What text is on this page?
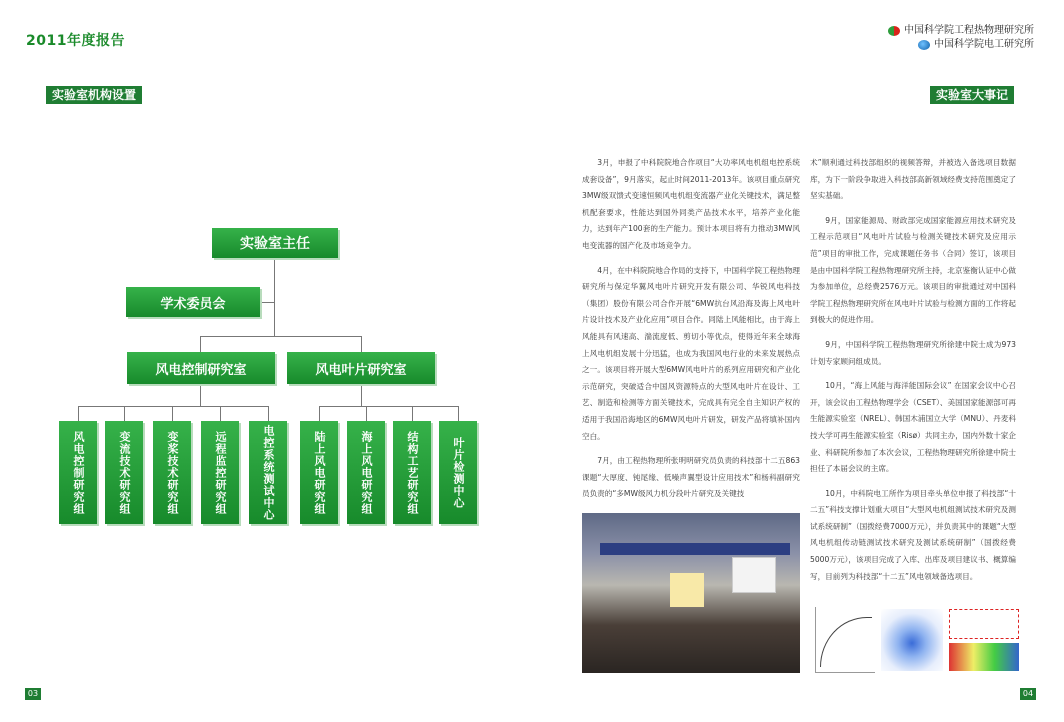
2011年度报告
中国科学院工程热物理研究所
中国科学院电工研究所
实验室机构设置	实验室大事记
实验室主任
学术委员会
风电控制研究室	风电叶片研究室
风电控制研究组	变流技术研究组	变桨技术研究组	远程监控研究组	电控系统测试中心	陆上风电研究组	海上风电研究组	结构工艺研究组	叶片检测中心

3月，申报了中科院院地合作项目“大功率风电机组电控系统成套设备”，9月落实，起止时间2011-2013年。该项目重点研究3MW级双馈式变速恒频风电机组变流器产业化关键技术，满足整机配套要求，性能达到国外同类产品技术水平，培养产业化能力，达到年产100套的生产能力。预计本项目将有力推动3MW风电变流器的国产化及市场竞争力。

4月，在中科院院地合作局的支持下，中国科学院工程热物理研究所与保定华翼风电叶片研究开发有限公司、华锐风电科技（集团）股份有限公司合作开展“6MW抗台风沿海及海上风电叶片设计技术及产业化应用”项目合作。同陆上风能相比，由于海上风能具有风速高、湍流度低、剪切小等优点，使得近年来全球海上风电机组发展十分迅猛，也成为我国风电行业的未来发展热点之一。该项目将开展大型6MW风电叶片的系列应用研究和产业化示范研究，突破适合中国风资源特点的大型风电叶片在设计、工艺、制造和检测等方面关键技术，完成具有完全自主知识产权的适用于我国沿海地区的6MW风电叶片研发，研发产品将填补国内空白。

7月，由工程热物理所张明明研究员负责的科技部十二五863课题“大厚度、钝尾缘、低噪声翼型设计应用技术”和杨科副研究员负责的“多MW级风力机分段叶片研究及关键技

术”顺利通过科技部组织的视频答辩，并被选入备选项目数据库，为下一阶段争取进入科技部高新领域经费支持范围奠定了坚实基础。

9月，国家能源局、财政部完成国家能源应用技术研究及工程示范项目“风电叶片试验与检测关键技术研究及应用示范”项目的审批工作，完成课题任务书（合同）签订，该项目是由中国科学院工程热物理研究所主持，北京鉴衡认证中心做为参加单位，总经费2576万元。该项目的审批通过对中国科学院工程热物理研究所在风电叶片试验与检测方面的工作将起到极大的促进作用。

9月，中国科学院工程热物理研究所徐建中院士成为973计划专家顾问组成员。

10月，“海上风能与海洋能国际会议” 在国家会议中心召开，该会议由工程热物理学会（CSET）、美国国家能源部可再生能源实验室（NREL）、韩国木浦国立大学（MNU）、丹麦科技大学可再生能源实验室（Risø）共同主办，国内外数十家企业、科研院所参加了本次会议，工程热物理研究所徐建中院士担任了本届会议的主席。

10月，中科院电工所作为项目牵头单位申报了科技部“十二五”科技支撑计划重大项目“大型风电机组测试技术研究及测试系统研制”（国拨经费7000万元），并负责其中的课题“大型风电机组传动链测试技术研究及测试系统研制”（国拨经费5000万元），该项目完成了入库、出库及项目建议书、概算编写，目前列为科技部“十二五”风电领域备选项目。

03	04
